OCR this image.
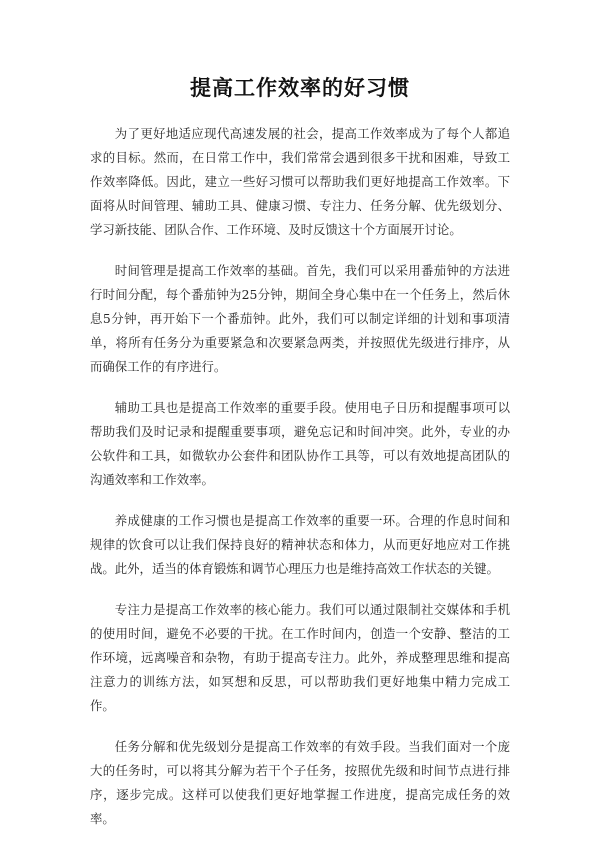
提高工作效率的好习惯

为了更好地适应现代高速发展的社会，提高工作效率成为了每个人都追求的目标。然而，在日常工作中，我们常常会遇到很多干扰和困难，导致工作效率降低。因此，建立一些好习惯可以帮助我们更好地提高工作效率。下面将从时间管理、辅助工具、健康习惯、专注力、任务分解、优先级划分、学习新技能、团队合作、工作环境、及时反馈这十个方面展开讨论。

时间管理是提高工作效率的基础。首先，我们可以采用番茄钟的方法进行时间分配，每个番茄钟为25分钟，期间全身心集中在一个任务上，然后休息5分钟，再开始下一个番茄钟。此外，我们可以制定详细的计划和事项清单，将所有任务分为重要紧急和次要紧急两类，并按照优先级进行排序，从而确保工作的有序进行。

辅助工具也是提高工作效率的重要手段。使用电子日历和提醒事项可以帮助我们及时记录和提醒重要事项，避免忘记和时间冲突。此外，专业的办公软件和工具，如微软办公套件和团队协作工具等，可以有效地提高团队的沟通效率和工作效率。

养成健康的工作习惯也是提高工作效率的重要一环。合理的作息时间和规律的饮食可以让我们保持良好的精神状态和体力，从而更好地应对工作挑战。此外，适当的体育锻炼和调节心理压力也是维持高效工作状态的关键。

专注力是提高工作效率的核心能力。我们可以通过限制社交媒体和手机的使用时间，避免不必要的干扰。在工作时间内，创造一个安静、整洁的工作环境，远离噪音和杂物，有助于提高专注力。此外，养成整理思维和提高注意力的训练方法，如冥想和反思，可以帮助我们更好地集中精力完成工作。

任务分解和优先级划分是提高工作效率的有效手段。当我们面对一个庞大的任务时，可以将其分解为若干个子任务，按照优先级和时间节点进行排序，逐步完成。这样可以使我们更好地掌握工作进度，提高完成任务的效率。
